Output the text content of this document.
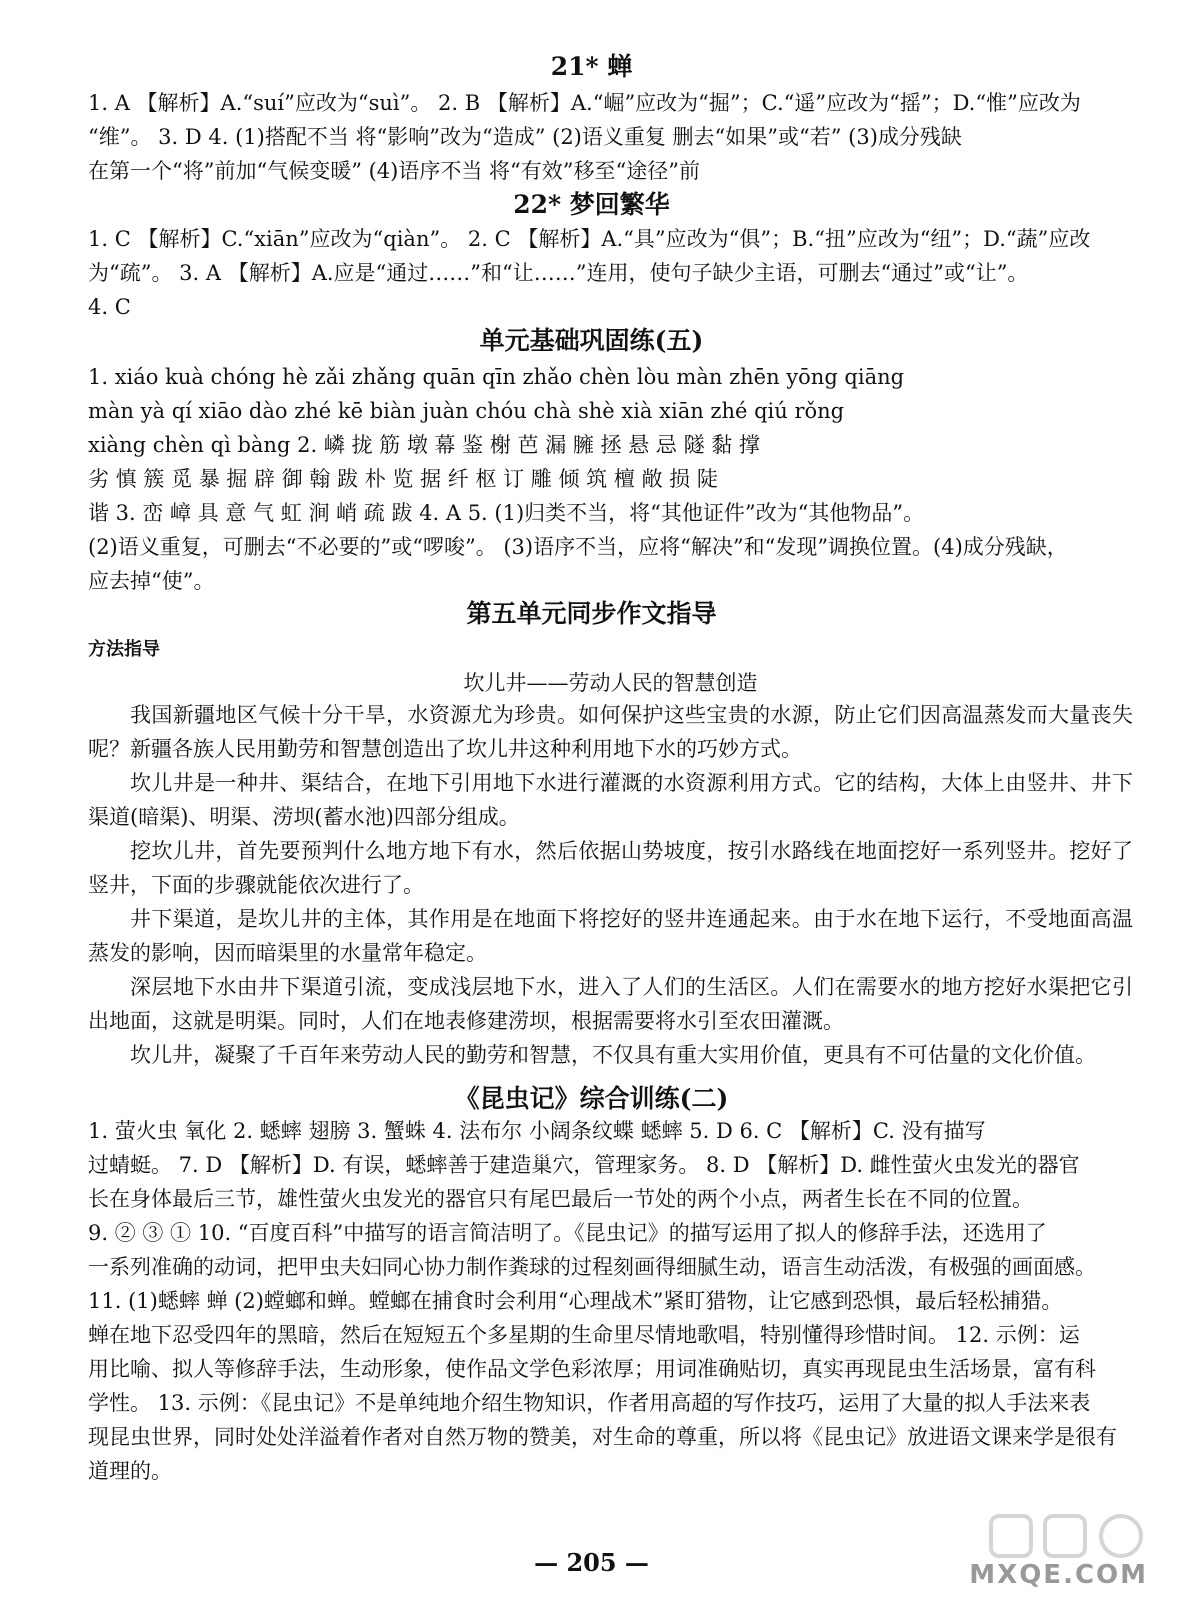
21* 蝉

1. A 【解析】A.“suí”应改为“suì”。 2. B 【解析】A.“崛”应改为“掘”；C.“遥”应改为“摇”；D.“惟”应改为

“维”。 3. D 4. (1)搭配不当 将“影响”改为“造成” (2)语义重复 删去“如果”或“若” (3)成分残缺

在第一个“将”前加“气候变暖” (4)语序不当 将“有效”移至“途径”前

22* 梦回繁华

1. C 【解析】C.“xiān”应改为“qiàn”。 2. C 【解析】A.“具”应改为“俱”；B.“扭”应改为“纽”；D.“蔬”应改

为“疏”。 3. A 【解析】A.应是“通过……”和“让……”连用，使句子缺少主语，可删去“通过”或“让”。

4. C

单元基础巩固练(五)

1. xiáo kuà chóng hè zǎi zhǎng quān qīn zhǎo chèn lòu màn zhēn yōng qiāng

màn yà qí xiāo dào zhé kē biàn juàn chóu chà shè xià xiān zhé qiú rǒng

xiàng chèn qì bàng 2. 嶙 拢 筋 墩 幕 鉴 榭 芭 漏 臃 拯 悬 忌 隧 黏 撑

劣 慎 簇 觅 暴 掘 辟 御 翰 跋 朴 览 据 纤 枢 订 雕 倾 筑 檀 敞 损 陡

谐 3. 峦 嶂 具 意 气 虹 涧 峭 疏 跋 4. A 5. (1)归类不当，将“其他证件”改为“其他物品”。

(2)语义重复，可删去“不必要的”或“啰唆”。 (3)语序不当，应将“解决”和“发现”调换位置。(4)成分残缺，

应去掉“使”。

第五单元同步作文指导
方法指导

坎儿井——劳动人民的智慧创造

我国新疆地区气候十分干旱，水资源尤为珍贵。如何保护这些宝贵的水源，防止它们因高温蒸发而大量丧失呢？新疆各族人民用勤劳和智慧创造出了坎儿井这种利用地下水的巧妙方式。

坎儿井是一种井、渠结合，在地下引用地下水进行灌溉的水资源利用方式。它的结构，大体上由竖井、井下渠道(暗渠)、明渠、涝坝(蓄水池)四部分组成。

挖坎儿井，首先要预判什么地方地下有水，然后依据山势坡度，按引水路线在地面挖好一系列竖井。挖好了竖井，下面的步骤就能依次进行了。

井下渠道，是坎儿井的主体，其作用是在地面下将挖好的竖井连通起来。由于水在地下运行，不受地面高温蒸发的影响，因而暗渠里的水量常年稳定。

深层地下水由井下渠道引流，变成浅层地下水，进入了人们的生活区。人们在需要水的地方挖好水渠把它引出地面，这就是明渠。同时，人们在地表修建涝坝，根据需要将水引至农田灌溉。

坎儿井，凝聚了千百年来劳动人民的勤劳和智慧，不仅具有重大实用价值，更具有不可估量的文化价值。

《昆虫记》综合训练(二)

1. 萤火虫 氧化 2. 蟋蟀 翅膀 3. 蟹蛛 4. 法布尔 小阔条纹蝶 蟋蟀 5. D 6. C 【解析】C. 没有描写

过蜻蜓。 7. D 【解析】D. 有误，蟋蟀善于建造巢穴，管理家务。 8. D 【解析】D. 雌性萤火虫发光的器官

长在身体最后三节，雄性萤火虫发光的器官只有尾巴最后一节处的两个小点，两者生长在不同的位置。

9. ② ③ ① 10. “百度百科”中描写的语言简洁明了。《昆虫记》的描写运用了拟人的修辞手法，还选用了

一系列准确的动词，把甲虫夫妇同心协力制作粪球的过程刻画得细腻生动，语言生动活泼，有极强的画面感。

11. (1)蟋蟀 蝉 (2)螳螂和蝉。螳螂在捕食时会利用“心理战术”紧盯猎物，让它感到恐惧，最后轻松捕猎。

蝉在地下忍受四年的黑暗，然后在短短五个多星期的生命里尽情地歌唱，特别懂得珍惜时间。 12. 示例：运

用比喻、拟人等修辞手法，生动形象，使作品文学色彩浓厚；用词准确贴切，真实再现昆虫生活场景，富有科

学性。 13. 示例：《昆虫记》不是单纯地介绍生物知识，作者用高超的写作技巧，运用了大量的拟人手法来表

现昆虫世界，同时处处洋溢着作者对自然万物的赞美，对生命的尊重，所以将《昆虫记》放进语文课来学是很有

道理的。

— 205 —	MXQE.COM
